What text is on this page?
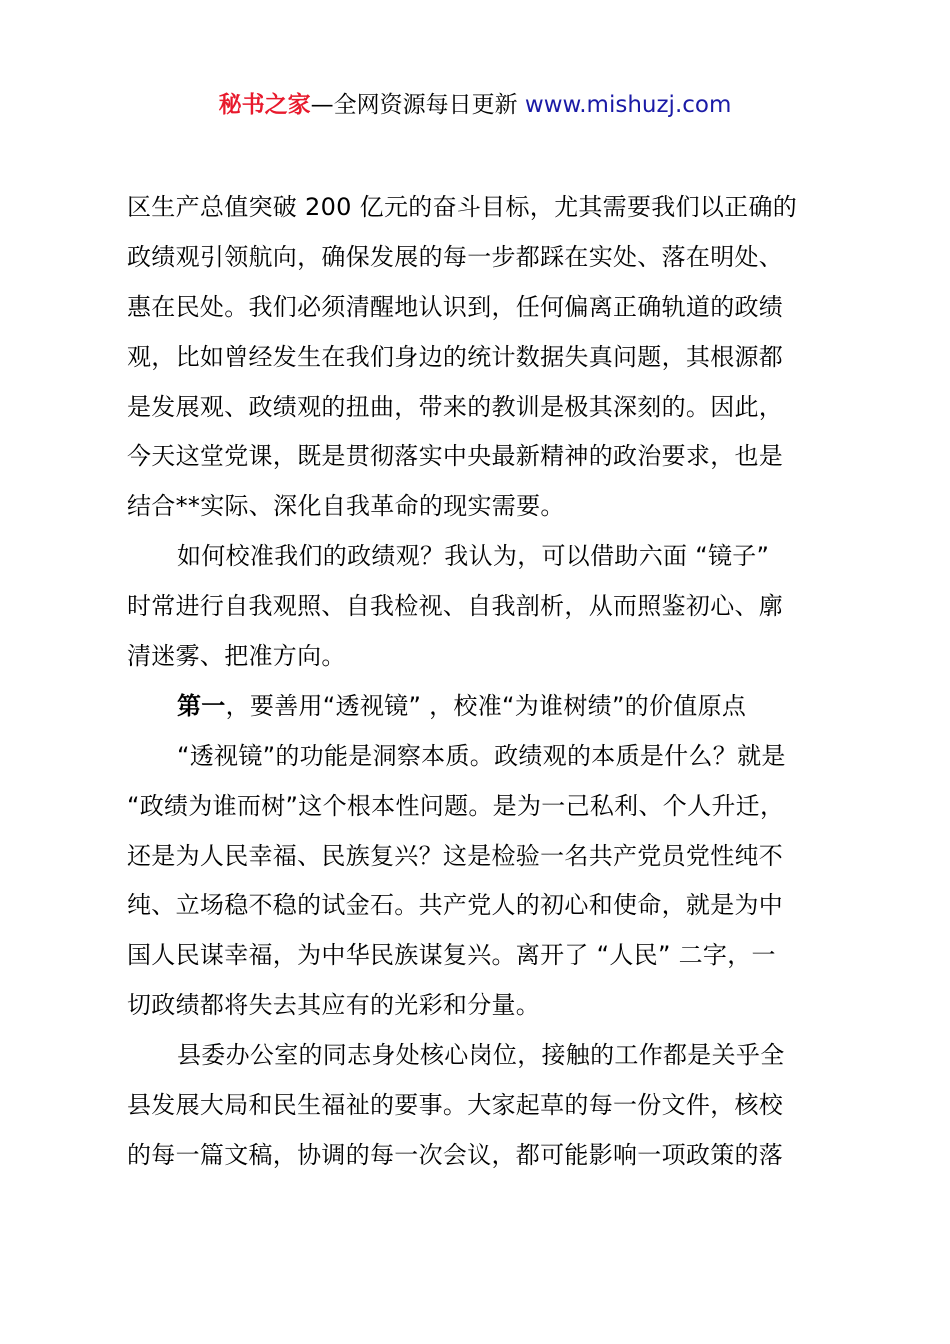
秘书之家—全网资源每日更新 www.mishuzj.com
区生产总值突破 200 亿元的奋斗目标，尤其需要我们以正确的
政绩观引领航向，确保发展的每一步都踩在实处、落在明处、
惠在民处。我们必须清醒地认识到，任何偏离正确轨道的政绩
观，比如曾经发生在我们身边的统计数据失真问题，其根源都
是发展观、政绩观的扭曲，带来的教训是极其深刻的。因此，
今天这堂党课，既是贯彻落实中央最新精神的政治要求，也是
结合**实际、深化自我革命的现实需要。
如何校准我们的政绩观？我认为，可以借助六面 “镜子”
时常进行自我观照、自我检视、自我剖析，从而照鉴初心、廓
清迷雾、把准方向。
第一，要善用“透视镜” ，校准“为谁树绩”的价值原点
“透视镜”的功能是洞察本质。政绩观的本质是什么？就是
“政绩为谁而树”这个根本性问题。是为一己私利、个人升迁，
还是为人民幸福、民族复兴？这是检验一名共产党员党性纯不
纯、立场稳不稳的试金石。共产党人的初心和使命，就是为中
国人民谋幸福，为中华民族谋复兴。离开了 “人民” 二字，一
切政绩都将失去其应有的光彩和分量。
县委办公室的同志身处核心岗位，接触的工作都是关乎全
县发展大局和民生福祉的要事。大家起草的每一份文件，核校
的每一篇文稿，协调的每一次会议，都可能影响一项政策的落
